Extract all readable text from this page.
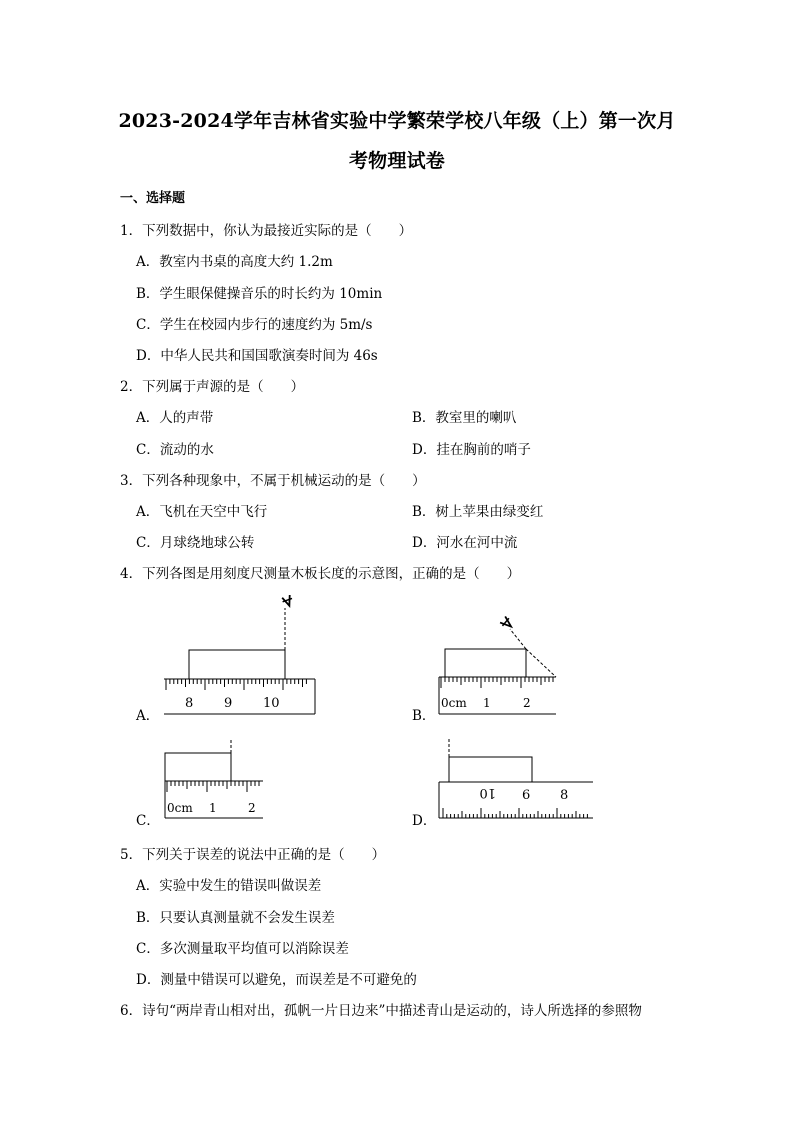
2023-2024学年吉林省实验中学繁荣学校八年级（上）第一次月
考物理试卷
一、选择题
1．下列数据中，你认为最接近实际的是（　　）
A．教室内书桌的高度大约 1.2m
B．学生眼保健操音乐的时长约为 10min
C．学生在校园内步行的速度约为 5m/s
D．中华人民共和国国歌演奏时间为 46s
2．下列属于声源的是（　　）
A．人的声带	B．教室里的喇叭
C．流动的水	D．挂在胸前的哨子
3．下列各种现象中，不属于机械运动的是（　　）
A．飞机在天空中飞行	B．树上苹果由绿变红
C．月球绕地球公转	D．河水在河中流
4．下列各图是用刻度尺测量木板长度的示意图，正确的是（　　）
A．	B．
C．	D．
8 9 10	0cm 1	2
0cm 1	2
10 6 8
5．下列关于误差的说法中正确的是（　　）
A．实验中发生的错误叫做误差
B．只要认真测量就不会发生误差
C．多次测量取平均值可以消除误差
D．测量中错误可以避免，而误差是不可避免的
6．诗句“两岸青山相对出，孤帆一片日边来”中描述青山是运动的，诗人所选择的参照物
